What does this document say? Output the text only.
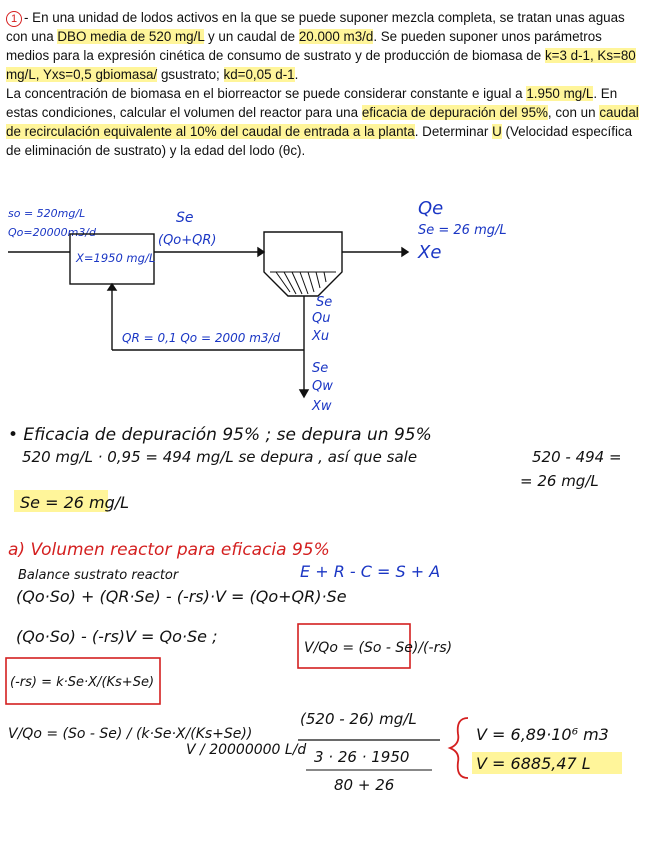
1 - En una unidad de lodos activos en la que se puede suponer mezcla completa, se tratan unas aguas con una DBO media de 520 mg/L y un caudal de 20.000 m3/d. Se pueden suponer unos parámetros medios para la expresión cinética de consumo de sustrato y de producción de biomasa de k=3 d-1, Ks=80 mg/L, Yxs=0,5 gbiomasa/ gsustrato; kd=0,05 d-1.

La concentración de biomasa en el biorreactor se puede considerar constante e igual a 1.950 mg/L. En estas condiciones, calcular el volumen del reactor para una eficacia de depuración del 95%, con un caudal de recirculación equivalente al 10% del caudal de entrada a la planta. Determinar U (Velocidad específica de eliminación de sustrato) y la edad del lodo (θc).

so = 520mg/L
Qo=20000m3/d
X=1950 mg/L
Se
(Qo+QR)
Qe
Se = 26 mg/L
Xe
Se
Qu
Xu
QR = 0,1 Qo = 2000 m3/d
Se
Qw
Xw
• Eficacia de depuración 95% ; se depura un 95%
520 mg/L · 0,95 = 494 mg/L se depura , así que sale	520 - 494 =
= 26 mg/L
Se = 26 mg/L
a) Volumen reactor para eficacia 95%
Balance sustrato reactor	E + R - C = S + A
(Qo·So) + (QR·Se) - (-rs)·V = (Qo+QR)·Se
(Qo·So) - (-rs)V = Qo·Se ;
V/Qo = (So - Se)/(-rs)
(-rs) = k·Se·X/(Ks+Se)
V/Qo = (So - Se) / (k·Se·X/(Ks+Se))
V / 20000000 L/d
(520 - 26) mg/L
3 · 26 · 1950
80 + 26
V = 6,89·10⁶ m3
V = 6885,47 L
